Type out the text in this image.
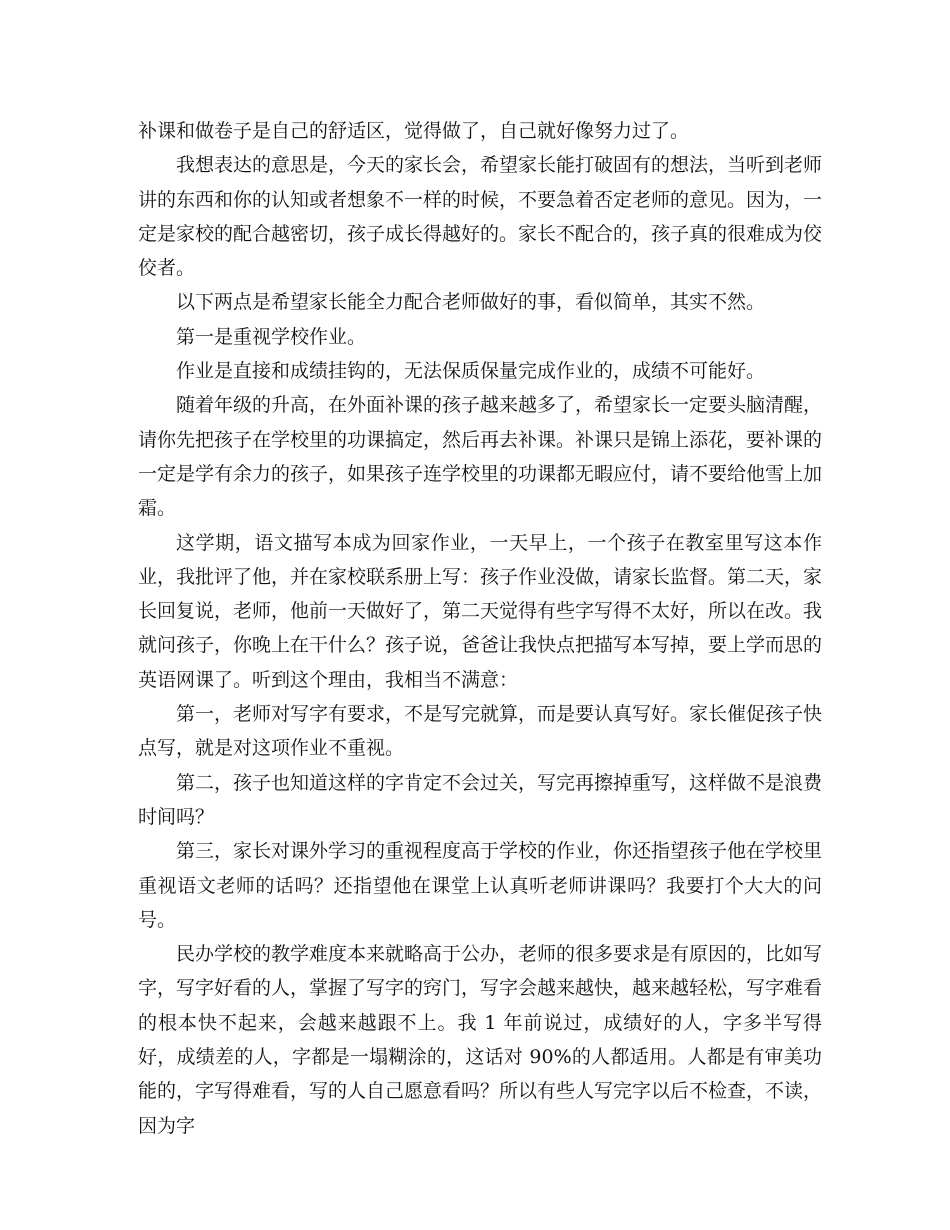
补课和做卷子是自己的舒适区，觉得做了，自己就好像努力过了。

我想表达的意思是，今天的家长会，希望家长能打破固有的想法，当听到老师讲的东西和你的认知或者想象不一样的时候，不要急着否定老师的意见。因为，一定是家校的配合越密切，孩子成长得越好的。家长不配合的，孩子真的很难成为佼佼者。

以下两点是希望家长能全力配合老师做好的事，看似简单，其实不然。

第一是重视学校作业。

作业是直接和成绩挂钩的，无法保质保量完成作业的，成绩不可能好。

随着年级的升高，在外面补课的孩子越来越多了，希望家长一定要头脑清醒，请你先把孩子在学校里的功课搞定，然后再去补课。补课只是锦上添花，要补课的一定是学有余力的孩子，如果孩子连学校里的功课都无暇应付，请不要给他雪上加霜。

这学期，语文描写本成为回家作业，一天早上，一个孩子在教室里写这本作业，我批评了他，并在家校联系册上写：孩子作业没做，请家长监督。第二天，家长回复说，老师，他前一天做好了，第二天觉得有些字写得不太好，所以在改。我就问孩子，你晚上在干什么？孩子说，爸爸让我快点把描写本写掉，要上学而思的英语网课了。听到这个理由，我相当不满意：

第一，老师对写字有要求，不是写完就算，而是要认真写好。家长催促孩子快点写，就是对这项作业不重视。

第二，孩子也知道这样的字肯定不会过关，写完再擦掉重写，这样做不是浪费时间吗？

第三，家长对课外学习的重视程度高于学校的作业，你还指望孩子他在学校里重视语文老师的话吗？还指望他在课堂上认真听老师讲课吗？我要打个大大的问号。

民办学校的教学难度本来就略高于公办，老师的很多要求是有原因的，比如写字，写字好看的人，掌握了写字的窍门，写字会越来越快，越来越轻松，写字难看的根本快不起来，会越来越跟不上。我 1 年前说过，成绩好的人，字多半写得好，成绩差的人，字都是一塌糊涂的，这话对 90%的人都适用。人都是有审美功能的，字写得难看，写的人自己愿意看吗？所以有些人写完字以后不检查，不读，因为字
